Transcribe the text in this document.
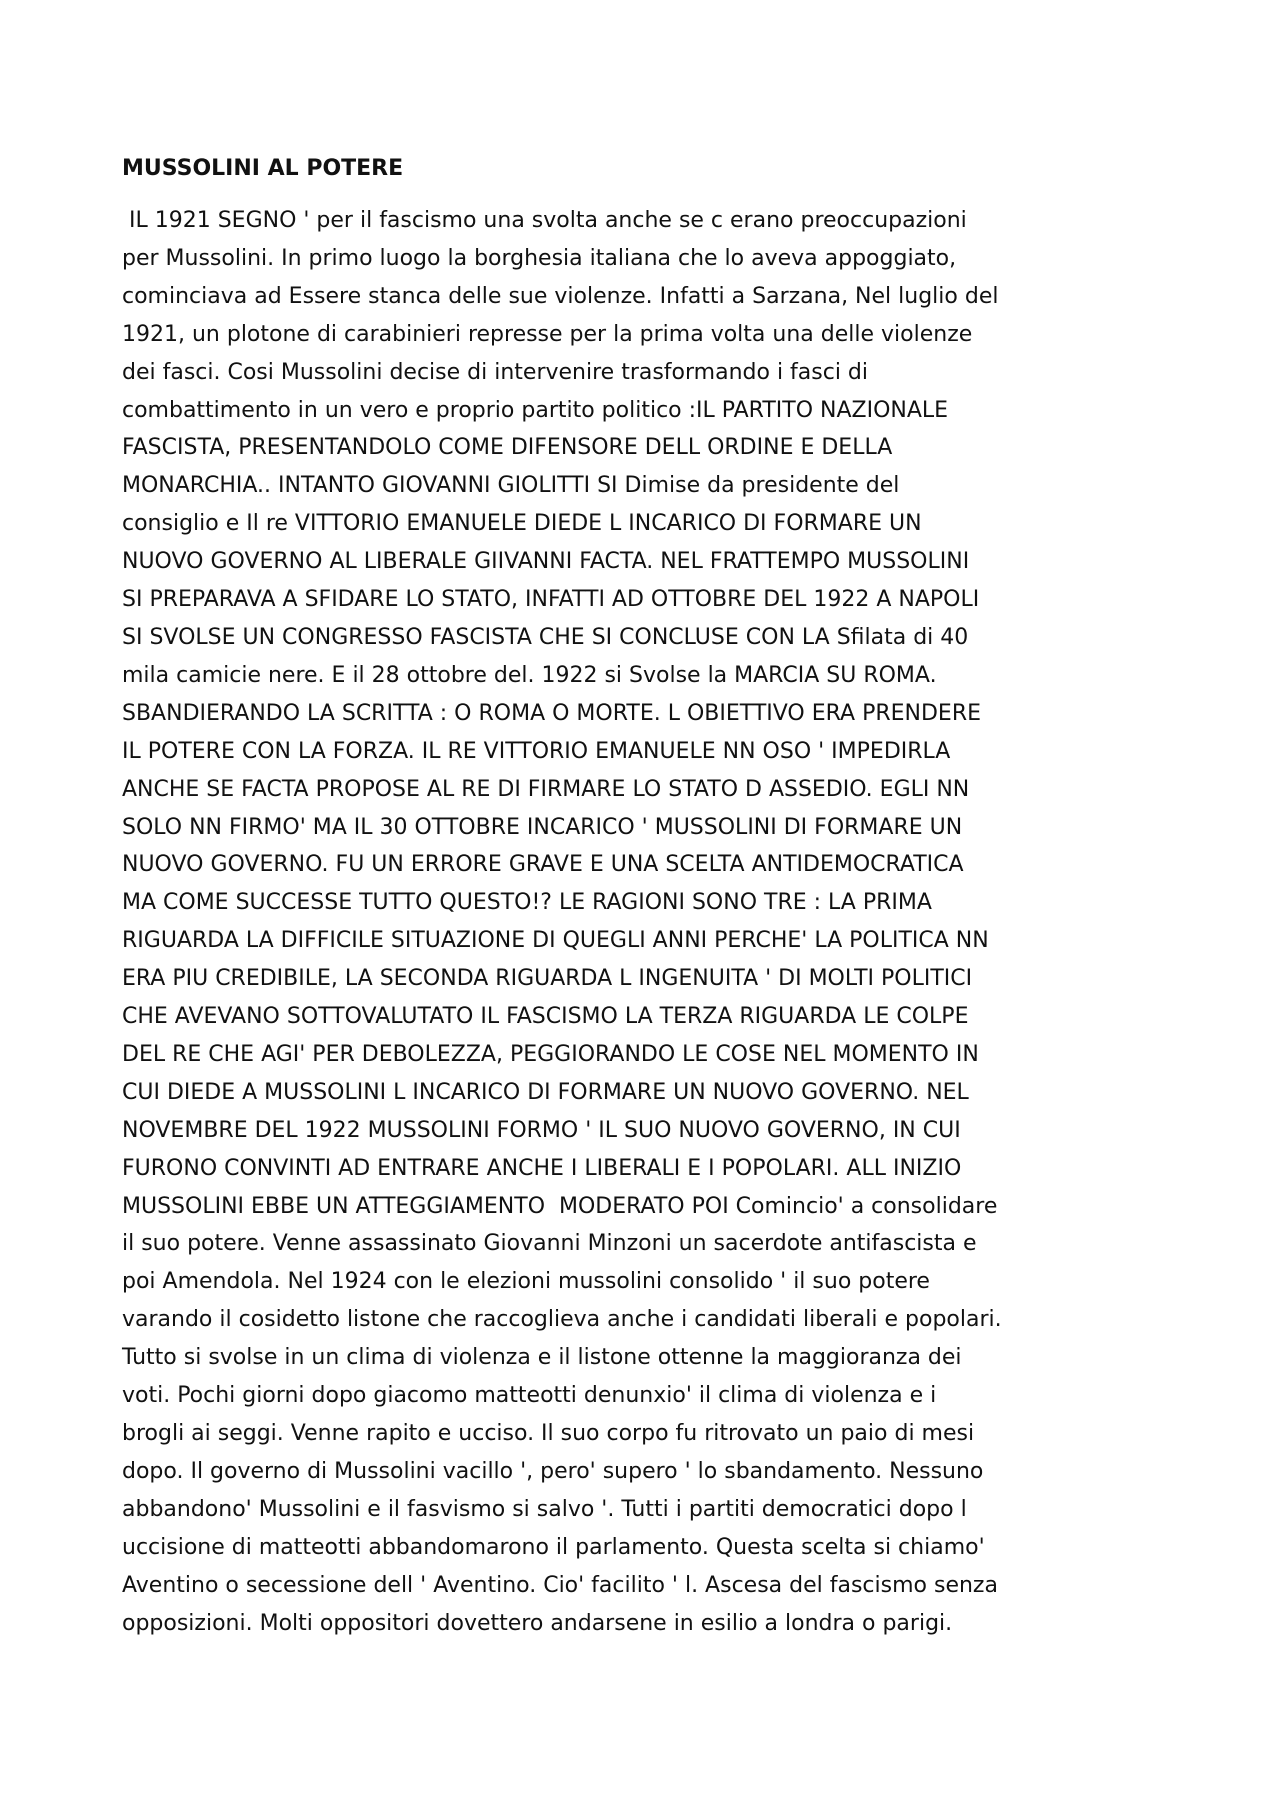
MUSSOLINI AL POTERE
IL 1921 SEGNO ' per il fascismo una svolta anche se c erano preoccupazioni
per Mussolini. In primo luogo la borghesia italiana che lo aveva appoggiato,
cominciava ad Essere stanca delle sue violenze. Infatti a Sarzana, Nel luglio del
1921, un plotone di carabinieri represse per la prima volta una delle violenze
dei fasci. Cosi Mussolini decise di intervenire trasformando i fasci di
combattimento in un vero e proprio partito politico :IL PARTITO NAZIONALE
FASCISTA, PRESENTANDOLO COME DIFENSORE DELL ORDINE E DELLA
MONARCHIA.. INTANTO GIOVANNI GIOLITTI SI Dimise da presidente del
consiglio e Il re VITTORIO EMANUELE DIEDE L INCARICO DI FORMARE UN
NUOVO GOVERNO AL LIBERALE GIIVANNI FACTA. NEL FRATTEMPO MUSSOLINI
SI PREPARAVA A SFIDARE LO STATO, INFATTI AD OTTOBRE DEL 1922 A NAPOLI
SI SVOLSE UN CONGRESSO FASCISTA CHE SI CONCLUSE CON LA Sfilata di 40
mila camicie nere. E il 28 ottobre del. 1922 si Svolse la MARCIA SU ROMA.
SBANDIERANDO LA SCRITTA : O ROMA O MORTE. L OBIETTIVO ERA PRENDERE
IL POTERE CON LA FORZA. IL RE VITTORIO EMANUELE NN OSO ' IMPEDIRLA
ANCHE SE FACTA PROPOSE AL RE DI FIRMARE LO STATO D ASSEDIO. EGLI NN
SOLO NN FIRMO' MA IL 30 OTTOBRE INCARICO ' MUSSOLINI DI FORMARE UN
NUOVO GOVERNO. FU UN ERRORE GRAVE E UNA SCELTA ANTIDEMOCRATICA
MA COME SUCCESSE TUTTO QUESTO!? LE RAGIONI SONO TRE : LA PRIMA
RIGUARDA LA DIFFICILE SITUAZIONE DI QUEGLI ANNI PERCHE' LA POLITICA NN
ERA PIU CREDIBILE, LA SECONDA RIGUARDA L INGENUITA ' DI MOLTI POLITICI
CHE AVEVANO SOTTOVALUTATO IL FASCISMO LA TERZA RIGUARDA LE COLPE
DEL RE CHE AGI' PER DEBOLEZZA, PEGGIORANDO LE COSE NEL MOMENTO IN
CUI DIEDE A MUSSOLINI L INCARICO DI FORMARE UN NUOVO GOVERNO. NEL
NOVEMBRE DEL 1922 MUSSOLINI FORMO ' IL SUO NUOVO GOVERNO, IN CUI
FURONO CONVINTI AD ENTRARE ANCHE I LIBERALI E I POPOLARI. ALL INIZIO
MUSSOLINI EBBE UN ATTEGGIAMENTO  MODERATO POI Comincio' a consolidare
il suo potere. Venne assassinato Giovanni Minzoni un sacerdote antifascista e
poi Amendola. Nel 1924 con le elezioni mussolini consolido ' il suo potere
varando il cosidetto listone che raccoglieva anche i candidati liberali e popolari.
Tutto si svolse in un clima di violenza e il listone ottenne la maggioranza dei
voti. Pochi giorni dopo giacomo matteotti denunxio' il clima di violenza e i
brogli ai seggi. Venne rapito e ucciso. Il suo corpo fu ritrovato un paio di mesi
dopo. Il governo di Mussolini vacillo ', pero' supero ' lo sbandamento. Nessuno
abbandono' Mussolini e il fasvismo si salvo '. Tutti i partiti democratici dopo l
uccisione di matteotti abbandomarono il parlamento. Questa scelta si chiamo'
Aventino o secessione dell ' Aventino. Cio' facilito ' l. Ascesa del fascismo senza
opposizioni. Molti oppositori dovettero andarsene in esilio a londra o parigi.
